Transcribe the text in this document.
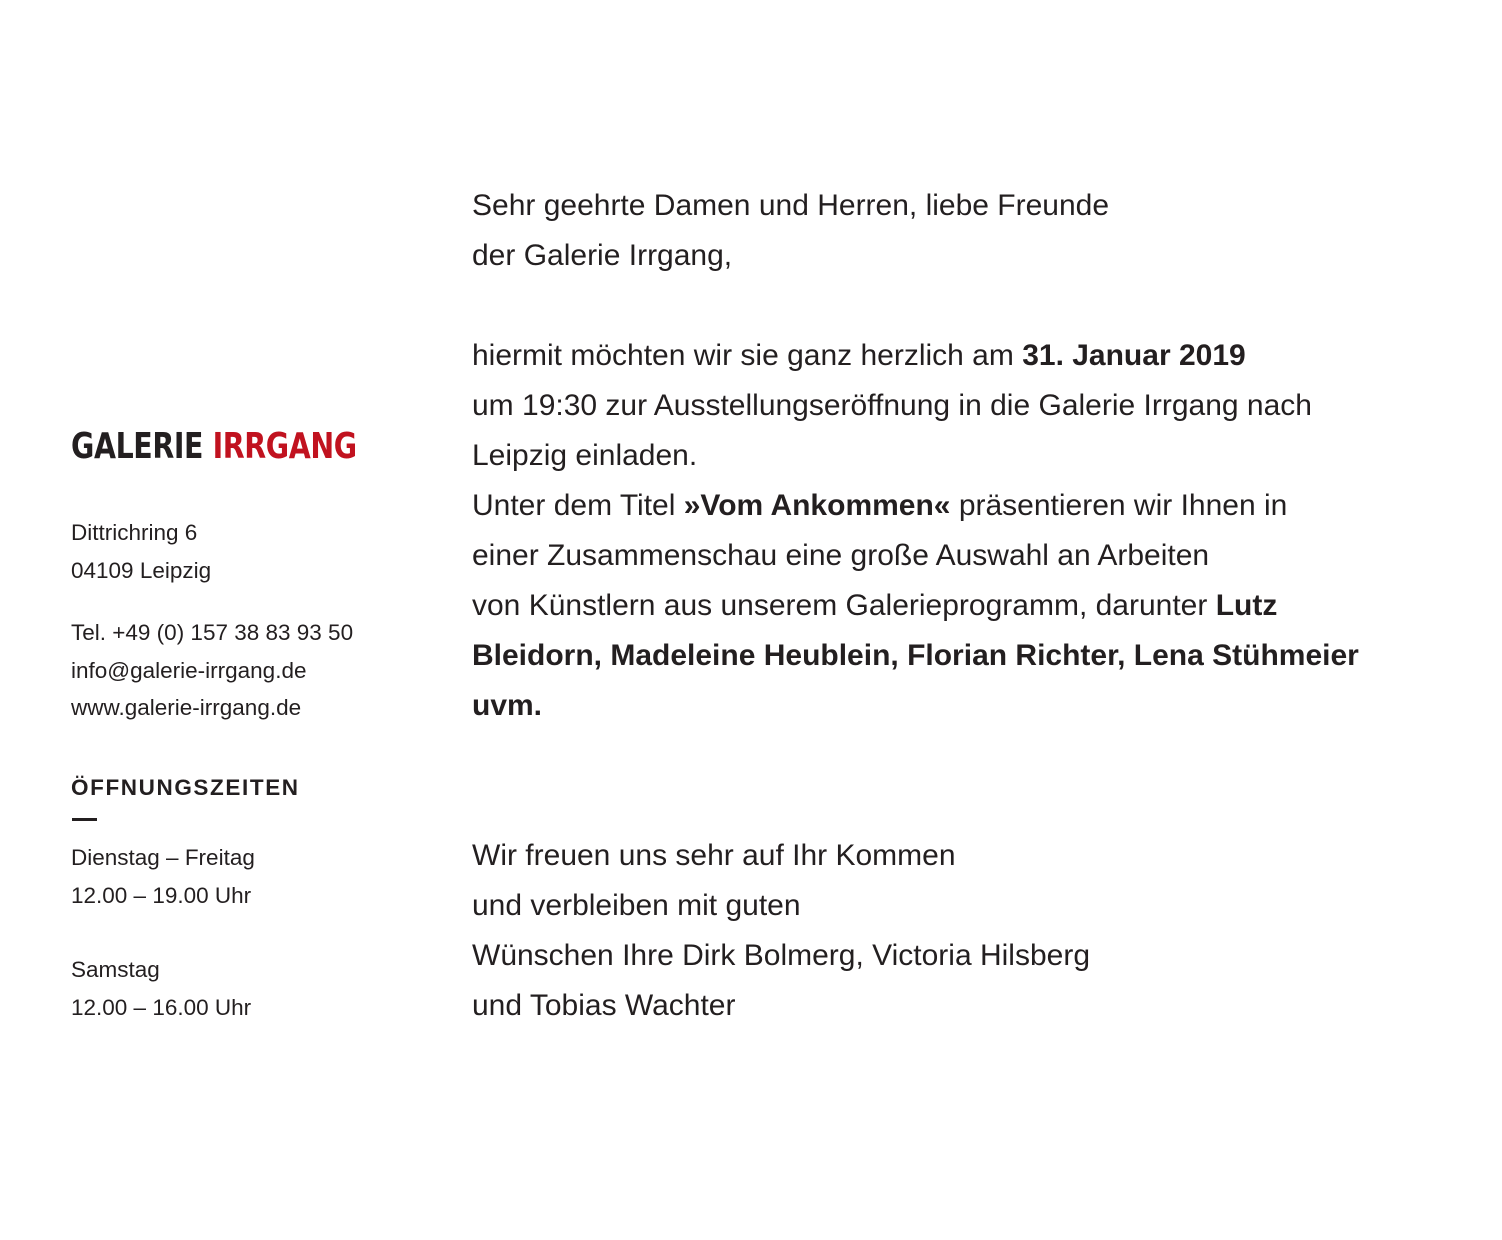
GALERIE IRRGANG

Dittrichring 6
04109 Leipzig

Tel. +49 (0) 157 38 83 93 50
info@galerie-irrgang.de
www.galerie-irrgang.de

ÖFFNUNGSZEITEN

Dienstag – Freitag
12.00 – 19.00 Uhr

Samstag
12.00 – 16.00 Uhr

Sehr geehrte Damen und Herren, liebe Freunde
der Galerie Irrgang,

hiermit möchten wir sie ganz herzlich am 31. Januar 2019
um 19:30 zur Ausstellungseröffnung in die Galerie Irrgang nach
Leipzig einladen.
Unter dem Titel »Vom Ankommen« präsentieren wir Ihnen in
einer Zusammenschau eine große Auswahl an Arbeiten
von Künstlern aus unserem Galerieprogramm, darunter Lutz
Bleidorn, Madeleine Heublein, Florian Richter, Lena Stühmeier
uvm.

Wir freuen uns sehr auf Ihr Kommen
und verbleiben mit guten
Wünschen Ihre Dirk Bolmerg, Victoria Hilsberg
und Tobias Wachter
